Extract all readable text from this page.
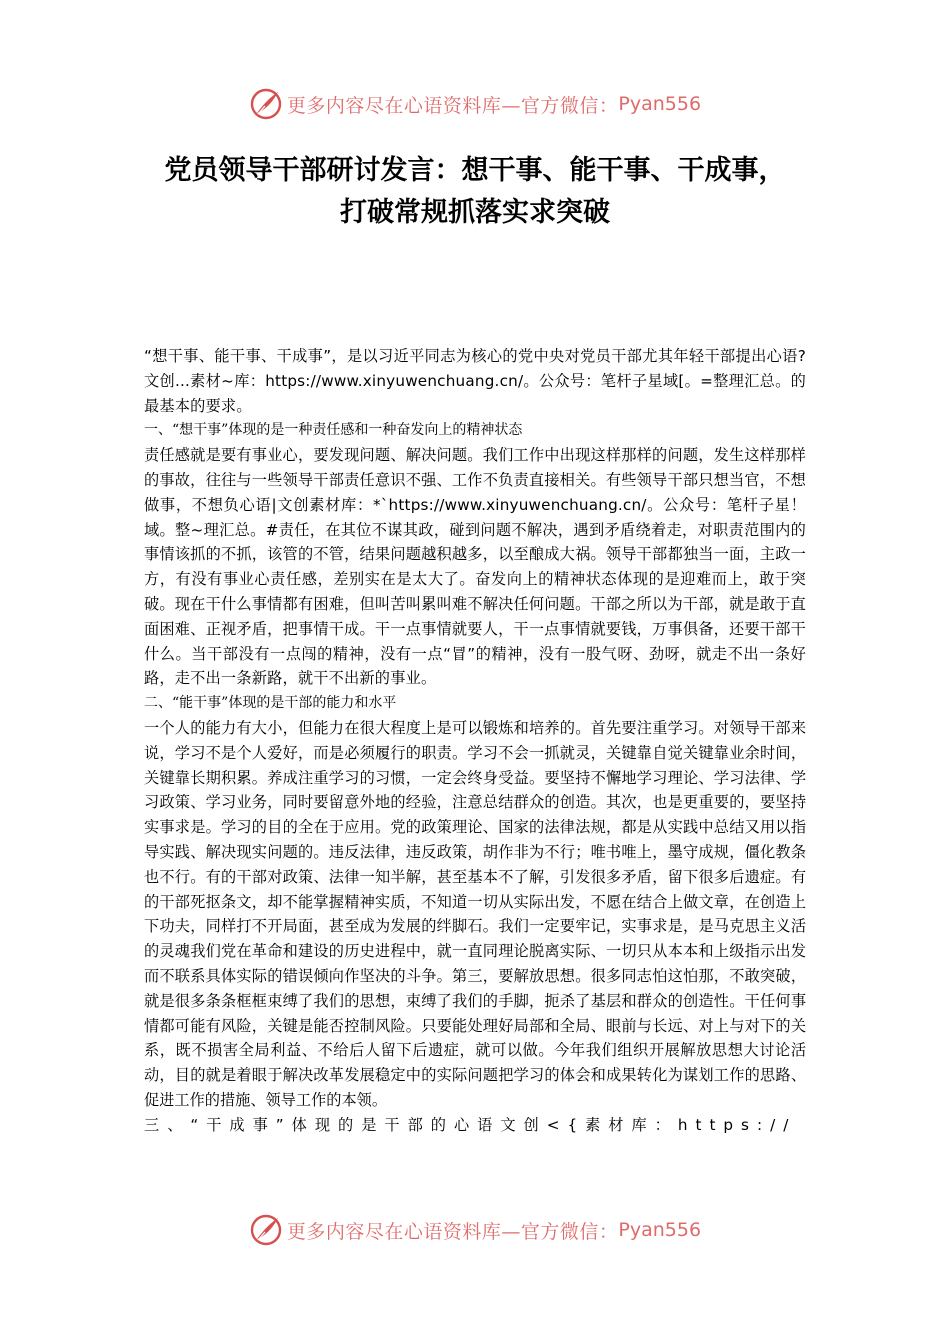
更多内容尽在心语资料库—官方微信： Pyan556
党员领导干部研讨发言：想干事、能干事、干成事，
打破常规抓落实求突破

“想干事、能干事、干成事”，是以习近平同志为核心的党中央对党员干部尤其年轻干部提出心语?文创...素材~库：https://www.xinyuwenchuang.cn/。公众号：笔杆子星域[。=整理汇总。的最基本的要求。

一、“想干事”体现的是一种责任感和一种奋发向上的精神状态

责任感就是要有事业心，要发现问题、解决问题。我们工作中出现这样那样的问题，发生这样那样的事故，往往与一些领导干部责任意识不强、工作不负责直接相关。有些领导干部只想当官，不想做事，不想负心语|文创素材库：*`https://www.xinyuwenchuang.cn/。公众号：笔杆子星！域。整~理汇总。#责任，在其位不谋其政，碰到问题不解决，遇到矛盾绕着走，对职责范围内的事情该抓的不抓，该管的不管，结果问题越积越多，以至酿成大祸。领导干部都独当一面，主政一方，有没有事业心责任感，差别实在是太大了。奋发向上的精神状态体现的是迎难而上，敢于突破。现在干什么事情都有困难，但叫苦叫累叫难不解决任何问题。干部之所以为干部，就是敢于直面困难、正视矛盾，把事情干成。干一点事情就要人，干一点事情就要钱，万事俱备，还要干部干什么。当干部没有一点闯的精神，没有一点“冒”的精神，没有一股气呀、劲呀，就走不出一条好路，走不出一条新路，就干不出新的事业。

二、“能干事”体现的是干部的能力和水平

一个人的能力有大小，但能力在很大程度上是可以锻炼和培养的。首先要注重学习。对领导干部来说，学习不是个人爱好，而是必须履行的职责。学习不会一抓就灵，关键靠自觉关键靠业余时间，关键靠长期积累。养成注重学习的习惯，一定会终身受益。要坚持不懈地学习理论、学习法律、学习政策、学习业务，同时要留意外地的经验，注意总结群众的创造。其次，也是更重要的，要坚持实事求是。学习的目的全在于应用。党的政策理论、国家的法律法规，都是从实践中总结又用以指导实践、解决现实问题的。违反法律，违反政策，胡作非为不行；唯书唯上，墨守成规，僵化教条也不行。有的干部对政策、法律一知半解，甚至基本不了解，引发很多矛盾，留下很多后遗症。有的干部死抠条文，却不能掌握精神实质，不知道一切从实际出发，不愿在结合上做文章，在创造上下功夫，同样打不开局面，甚至成为发展的绊脚石。我们一定要牢记，实事求是，是马克思主义活的灵魂我们党在革命和建设的历史进程中，就一直同理论脱离实际、一切只从本本和上级指示出发而不联系具体实际的错误倾向作坚决的斗争。第三，要解放思想。很多同志怕这怕那，不敢突破，就是很多条条框框束缚了我们的思想，束缚了我们的手脚，扼杀了基层和群众的创造性。干任何事情都可能有风险，关键是能否控制风险。只要能处理好局部和全局、眼前与长远、对上与对下的关系，既不损害全局利益、不给后人留下后遗症，就可以做。今年我们组织开展解放思想大讨论活动，目的就是着眼于解决改革发展稳定中的实际问题把学习的体会和成果转化为谋划工作的思路、促进工作的措施、领导工作的本领。

三、“干成事”体现的是干部的心语文创<{素材库：https://

更多内容尽在心语资料库—官方微信： Pyan556
